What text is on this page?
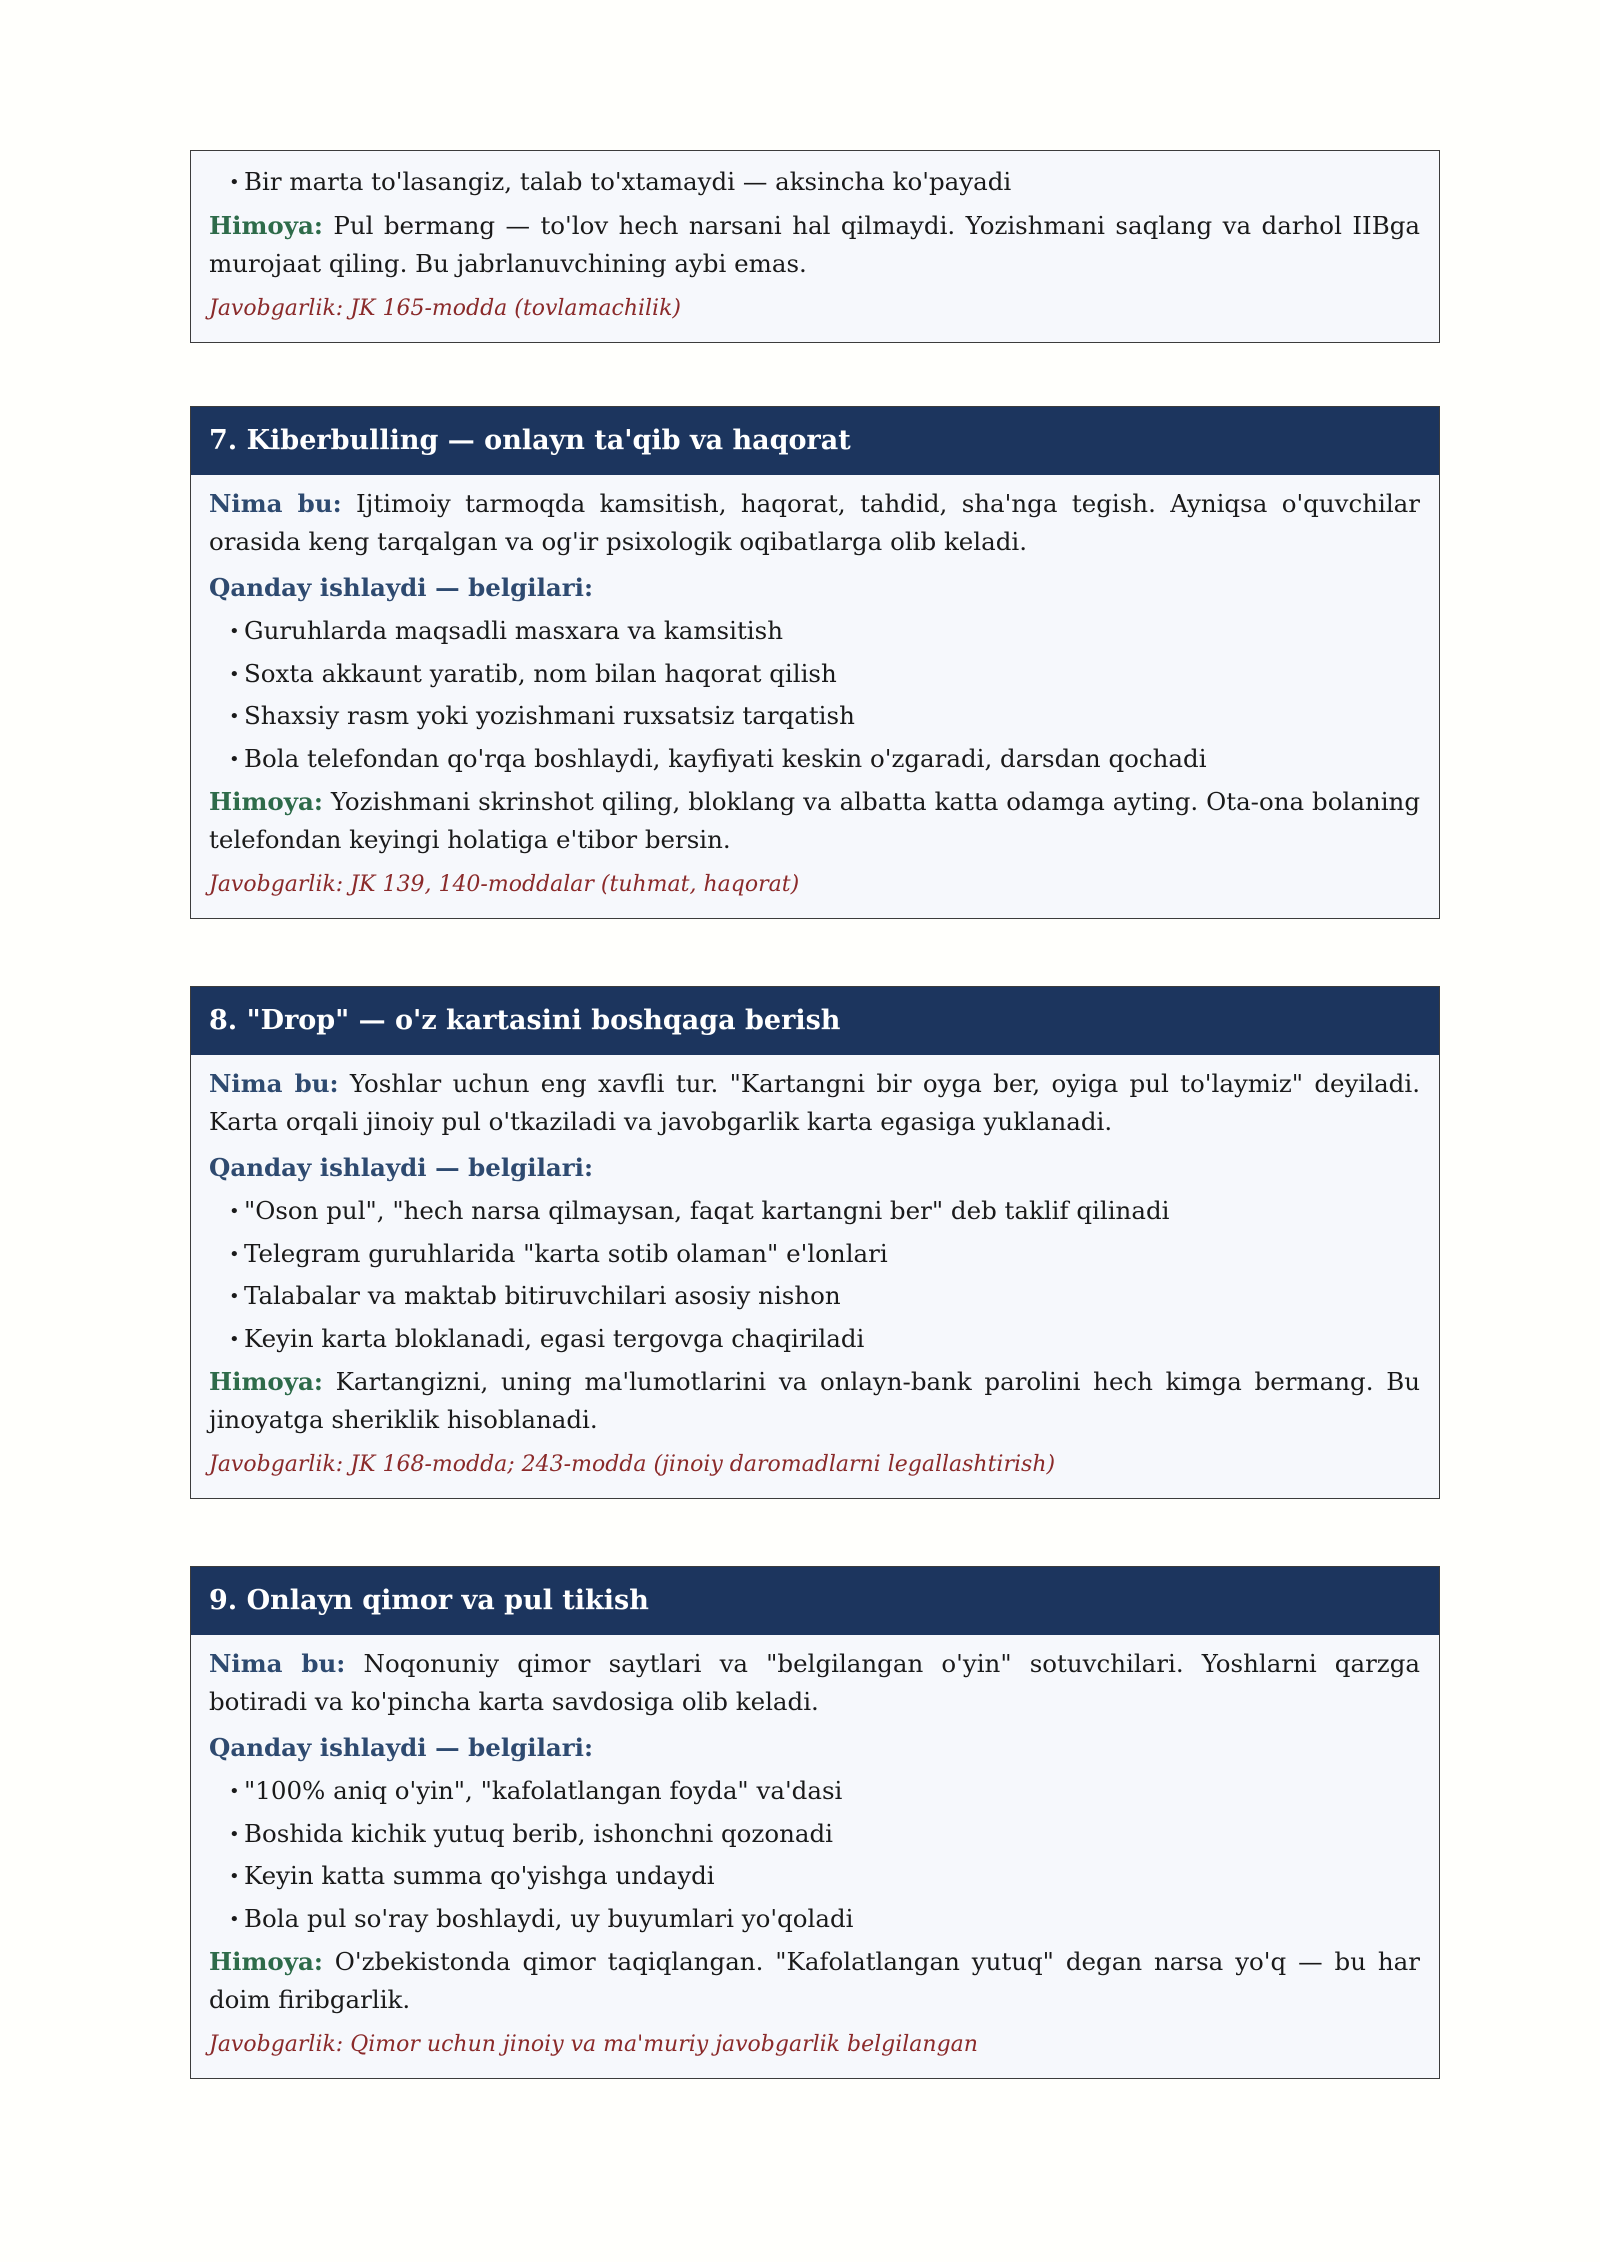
• Bir marta to'lasangiz, talab to'xtamaydi — aksincha ko'payadi

Himoya: Pul bermang — to'lov hech narsani hal qilmaydi. Yozishmani saqlang va darhol IIBga murojaat qiling. Bu jabrlanuvchining aybi emas.

Javobgarlik: JK 165-modda (tovlamachilik)
7. Kiberbulling — onlayn ta'qib va haqorat

Nima bu: Ijtimoiy tarmoqda kamsitish, haqorat, tahdid, sha'nga tegish. Ayniqsa o'quvchilar orasida keng tarqalgan va og'ir psixologik oqibatlarga olib keladi.

Qanday ishlaydi — belgilari:
• Guruhlarda maqsadli masxara va kamsitish
• Soxta akkaunt yaratib, nom bilan haqorat qilish
• Shaxsiy rasm yoki yozishmani ruxsatsiz tarqatish
• Bola telefondan qo'rqa boshlaydi, kayfiyati keskin o'zgaradi, darsdan qochadi

Himoya: Yozishmani skrinshot qiling, bloklang va albatta katta odamga ayting. Ota-ona bolaning telefondan keyingi holatiga e'tibor bersin.

Javobgarlik: JK 139, 140-moddalar (tuhmat, haqorat)
8. "Drop" — o'z kartasini boshqaga berish

Nima bu: Yoshlar uchun eng xavfli tur. "Kartangni bir oyga ber, oyiga pul to'laymiz" deyiladi. Karta orqali jinoiy pul o'tkaziladi va javobgarlik karta egasiga yuklanadi.

Qanday ishlaydi — belgilari:
• "Oson pul", "hech narsa qilmaysan, faqat kartangni ber" deb taklif qilinadi
• Telegram guruhlarida "karta sotib olaman" e'lonlari
• Talabalar va maktab bitiruvchilari asosiy nishon
• Keyin karta bloklanadi, egasi tergovga chaqiriladi

Himoya: Kartangizni, uning ma'lumotlarini va onlayn-bank parolini hech kimga bermang. Bu jinoyatga sheriklik hisoblanadi.

Javobgarlik: JK 168-modda; 243-modda (jinoiy daromadlarni legallashtirish)
9. Onlayn qimor va pul tikish

Nima bu: Noqonuniy qimor saytlari va "belgilangan o'yin" sotuvchilari. Yoshlarni qarzga botiradi va ko'pincha karta savdosiga olib keladi.

Qanday ishlaydi — belgilari:
• "100% aniq o'yin", "kafolatlangan foyda" va'dasi
• Boshida kichik yutuq berib, ishonchni qozonadi
• Keyin katta summa qo'yishga undaydi
• Bola pul so'ray boshlaydi, uy buyumlari yo'qoladi

Himoya: O'zbekistonda qimor taqiqlangan. "Kafolatlangan yutuq" degan narsa yo'q — bu har doim firibgarlik.

Javobgarlik: Qimor uchun jinoiy va ma'muriy javobgarlik belgilangan
